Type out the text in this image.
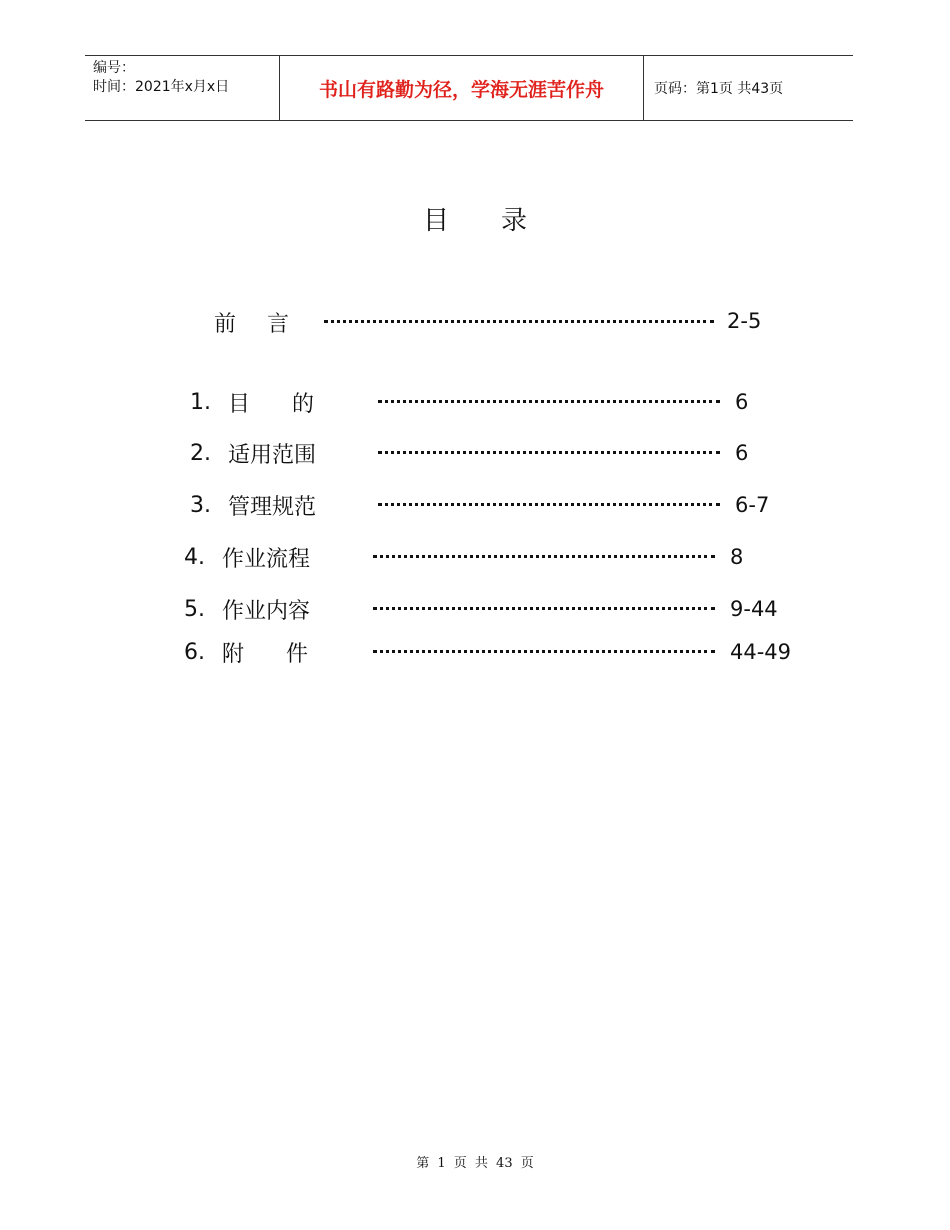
编号：
时间：2021年x月x日	书山有路勤为径，学海无涯苦作舟	页码：第1页 共43页
目录
前 言	2-5
1. 目      的	6
2. 适用范围	6
3. 管理规范	6-7
4. 作业流程	8
5. 作业内容	9-44
6. 附      件	44-49
第 1 页 共 43 页
